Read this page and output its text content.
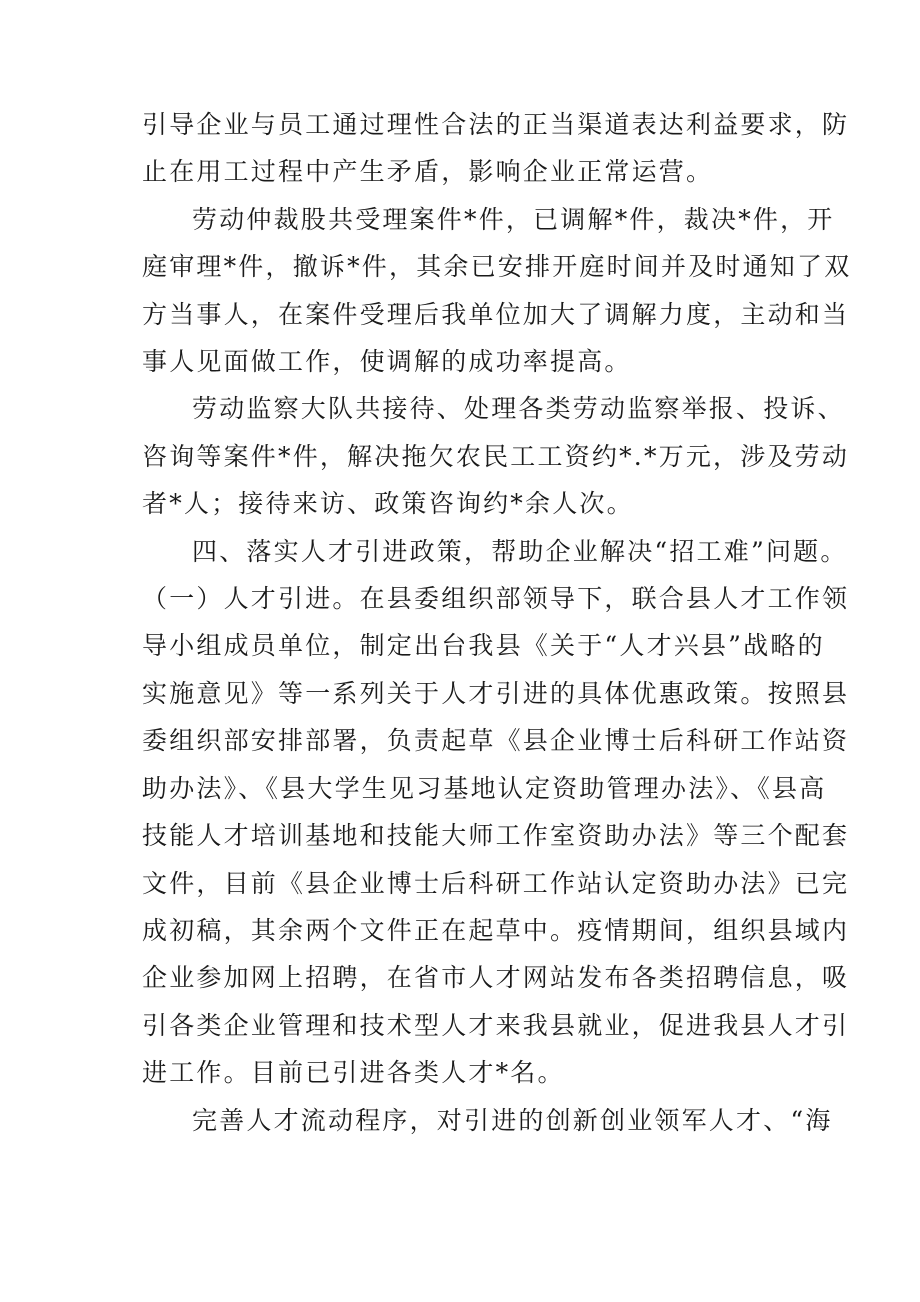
引导企业与员工通过理性合法的正当渠道表达利益要求，防
止在用工过程中产生矛盾，影响企业正常运营。
劳动仲裁股共受理案件*件，已调解*件，裁决*件，开
庭审理*件，撤诉*件，其余已安排开庭时间并及时通知了双
方当事人，在案件受理后我单位加大了调解力度，主动和当
事人见面做工作，使调解的成功率提高。
劳动监察大队共接待、处理各类劳动监察举报、投诉、
咨询等案件*件，解决拖欠农民工工资约*.*万元，涉及劳动
者*人；接待来访、政策咨询约*余人次。
四、落实人才引进政策，帮助企业解决“招工难”问题。
（一）人才引进。在县委组织部领导下，联合县人才工作领
导小组成员单位，制定出台我县《关于“人才兴县”战略的
实施意见》等一系列关于人才引进的具体优惠政策。按照县
委组织部安排部署，负责起草《县企业博士后科研工作站资
助办法》、《县大学生见习基地认定资助管理办法》、《县高
技能人才培训基地和技能大师工作室资助办法》等三个配套
文件，目前《县企业博士后科研工作站认定资助办法》已完
成初稿，其余两个文件正在起草中。疫情期间，组织县域内
企业参加网上招聘，在省市人才网站发布各类招聘信息，吸
引各类企业管理和技术型人才来我县就业，促进我县人才引
进工作。目前已引进各类人才*名。
完善人才流动程序，对引进的创新创业领军人才、“海
